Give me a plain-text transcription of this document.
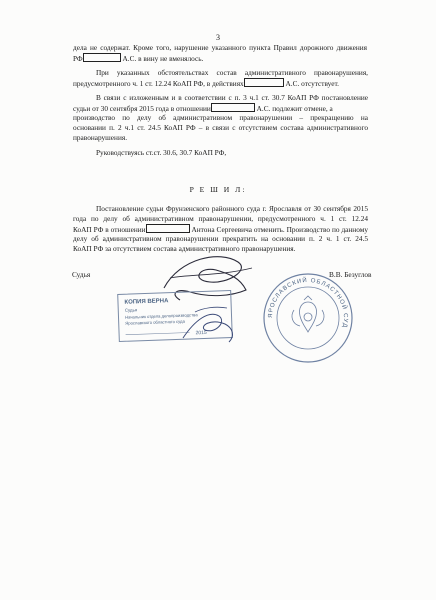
3
дела не содержат. Кроме того, нарушение указанного пункта Правил дорожного движения
РФ	А.С. в вину не вменялось.
При указанных обстоятельствах состав административного правонарушения,
предусмотренного ч. 1 ст. 12.24 КоАП РФ, в действиях	А.С. отсутствует.
В связи с изложенным и в соответствии с п. 3 ч.1 ст. 30.7 КоАП РФ постановление
судьи от 30 сентября 2015 года в отношении	А.С. подлежит отмене, а
производство по делу об административном правонарушении – прекращению на
основании п. 2 ч.1 ст. 24.5 КоАП РФ – в связи с отсутствием состава административного
правонарушения.
Руководствуясь ст.ст. 30.6, 30.7 КоАП РФ,
Р Е Ш И Л:
Постановление судьи Фрунзенского районного суда г. Ярославля от 30 сентября 2015
года по делу об административном правонарушении, предусмотренного ч. 1 ст. 12.24
КоАП РФ в отношении	Антона Сергеевича отменить. Производство по данному
делу об административном правонарушении прекратить на основании п. 2 ч. 1 ст. 24.5
КоАП РФ за отсутствием состава административного правонарушения.
Судья	В.В. Безуглов
КОПИЯ ВЕРНА
Судья
Начальник отдела делопроизводства
Ярославского областного суда
2015
ЯРОСЛАВСКИЙ ОБЛАСТНОЙ СУД
